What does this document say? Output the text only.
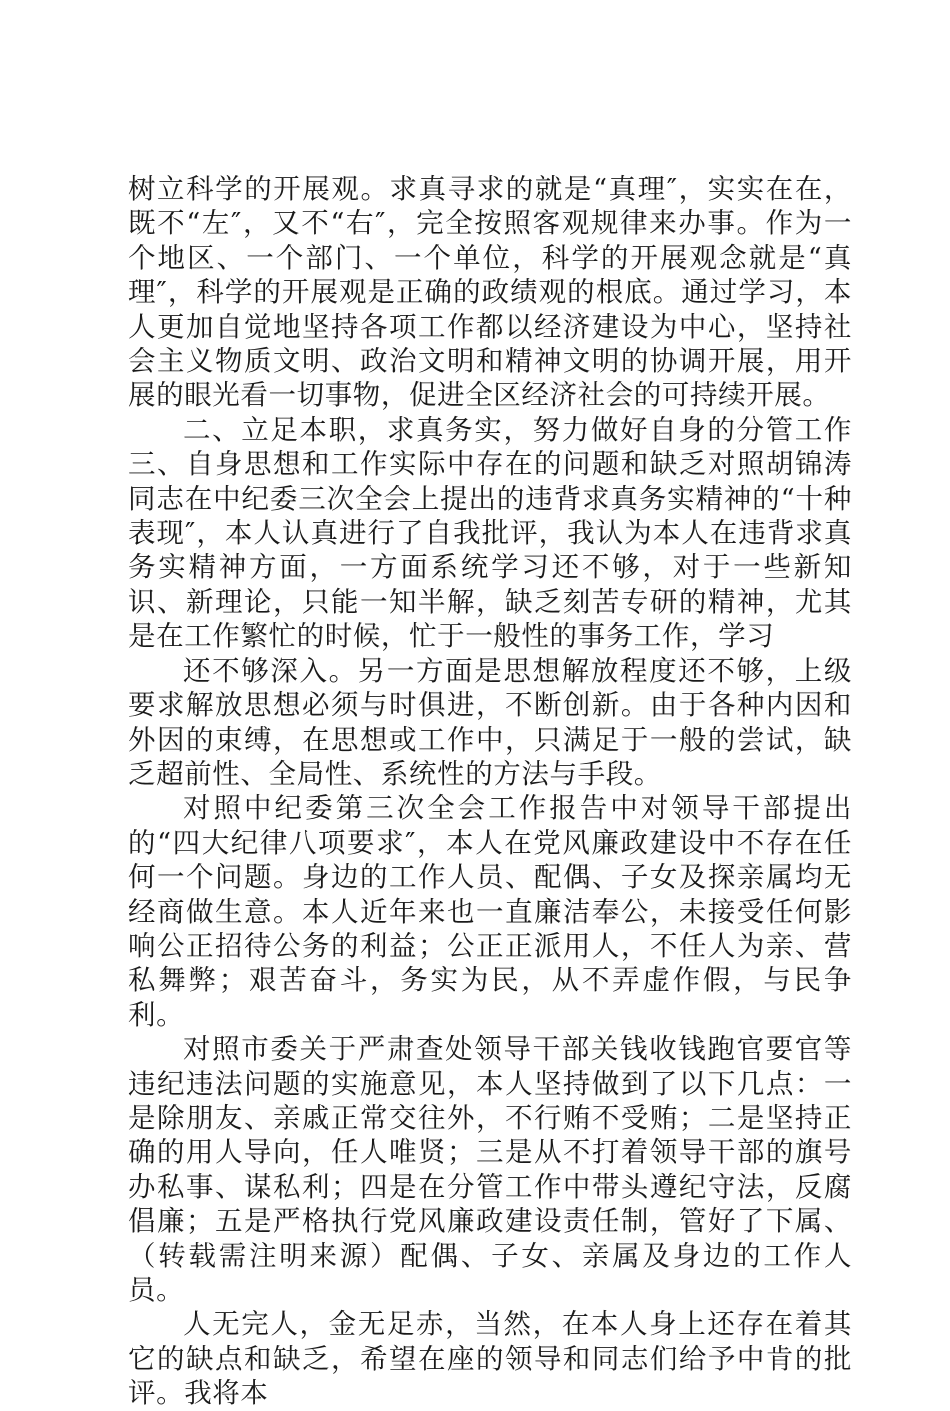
树立科学的开展观。求真寻求的就是“真理″，实实在在，既不“左″，又不“右″，完全按照客观规律来办事。作为一个地区、一个部门、一个单位，科学的开展观念就是“真理″，科学的开展观是正确的政绩观的根底。通过学习，本人更加自觉地坚持各项工作都以经济建设为中心，坚持社会主义物质文明、政治文明和精神文明的协调开展，用开展的眼光看一切事物，促进全区经济社会的可持续开展。

二、立足本职，求真务实，努力做好自身的分管工作三、自身思想和工作实际中存在的问题和缺乏对照胡锦涛同志在中纪委三次全会上提出的违背求真务实精神的“十种表现″，本人认真进行了自我批评，我认为本人在违背求真务实精神方面，一方面系统学习还不够，对于一些新知识、新理论，只能一知半解，缺乏刻苦专研的精神，尤其是在工作繁忙的时候，忙于一般性的事务工作，学习

还不够深入。另一方面是思想解放程度还不够，上级要求解放思想必须与时俱进，不断创新。由于各种内因和外因的束缚，在思想或工作中，只满足于一般的尝试，缺乏超前性、全局性、系统性的方法与手段。

对照中纪委第三次全会工作报告中对领导干部提出的“四大纪律八项要求″，本人在党风廉政建设中不存在任何一个问题。身边的工作人员、配偶、子女及探亲属均无经商做生意。本人近年来也一直廉洁奉公，未接受任何影响公正招待公务的利益；公正正派用人，不任人为亲、营私舞弊；艰苦奋斗，务实为民，从不弄虚作假，与民争利。

对照市委关于严肃查处领导干部关钱收钱跑官要官等违纪违法问题的实施意见，本人坚持做到了以下几点：一是除朋友、亲戚正常交往外，不行贿不受贿；二是坚持正确的用人导向，任人唯贤；三是从不打着领导干部的旗号办私事、谋私利；四是在分管工作中带头遵纪守法，反腐倡廉；五是严格执行党风廉政建设责任制，管好了下属、（转载需注明来源）配偶、子女、亲属及身边的工作人员。

人无完人，金无足赤，当然，在本人身上还存在着其它的缺点和缺乏，希望在座的领导和同志们给予中肯的批评。我将本
